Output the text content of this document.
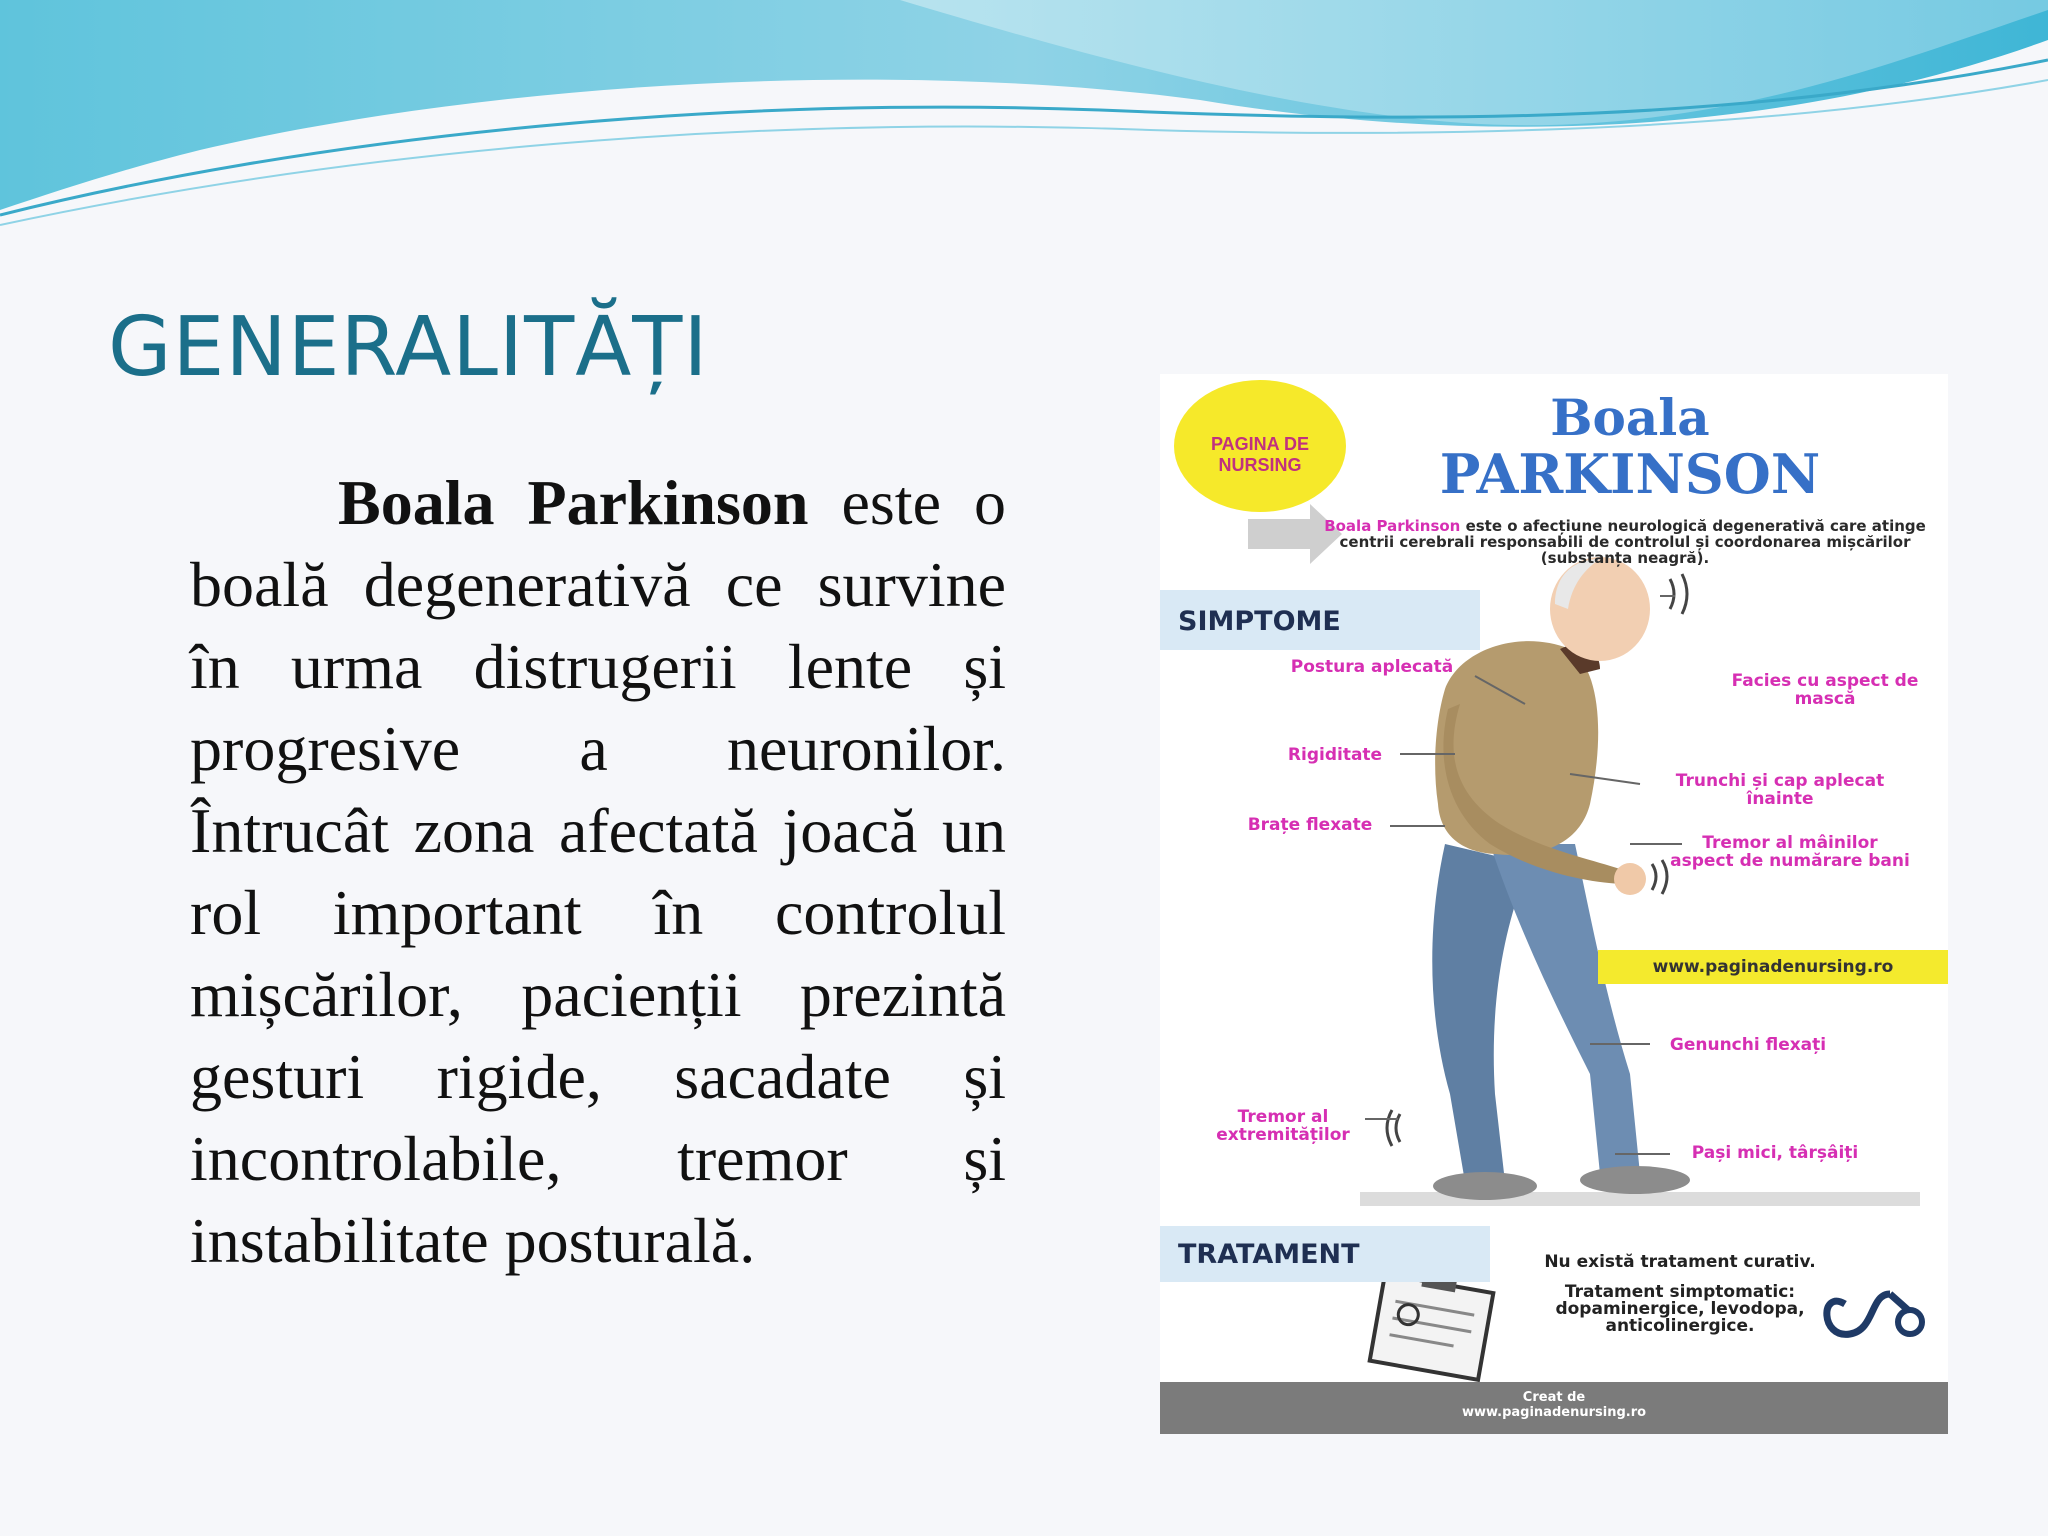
GENERALITĂȚI

Boala Parkinson este o boală degenerativă ce survine în urma distrugerii lente și progresive a neuronilor. Întrucât zona afectată joacă un rol important în controlul mișcărilor, pacienții prezintă gesturi rigide, sacadate și incontrolabile, tremor și instabilitate posturală.

PAGINA DE NURSING
Boala
PARKINSON
Boala Parkinson este o afecțiune neurologică degenerativă care atinge centrii cerebrali responsabili de controlul și coordonarea mișcărilor (substanța neagră).
SIMPTOME
Postura aplecată
Rigiditate
Brațe flexate
Facies cu aspect de mască
Trunchi și cap aplecat înainte
Tremor al mâinilor aspect de numărare bani
www.paginadenursing.ro
Genunchi flexați
Tremor al extremităților
Pași mici, târșâiți
TRATAMENT	Nu există tratament curativ.
Tratament simptomatic: dopaminergice, levodopa, anticolinergice.
Creat de
www.paginadenursing.ro
